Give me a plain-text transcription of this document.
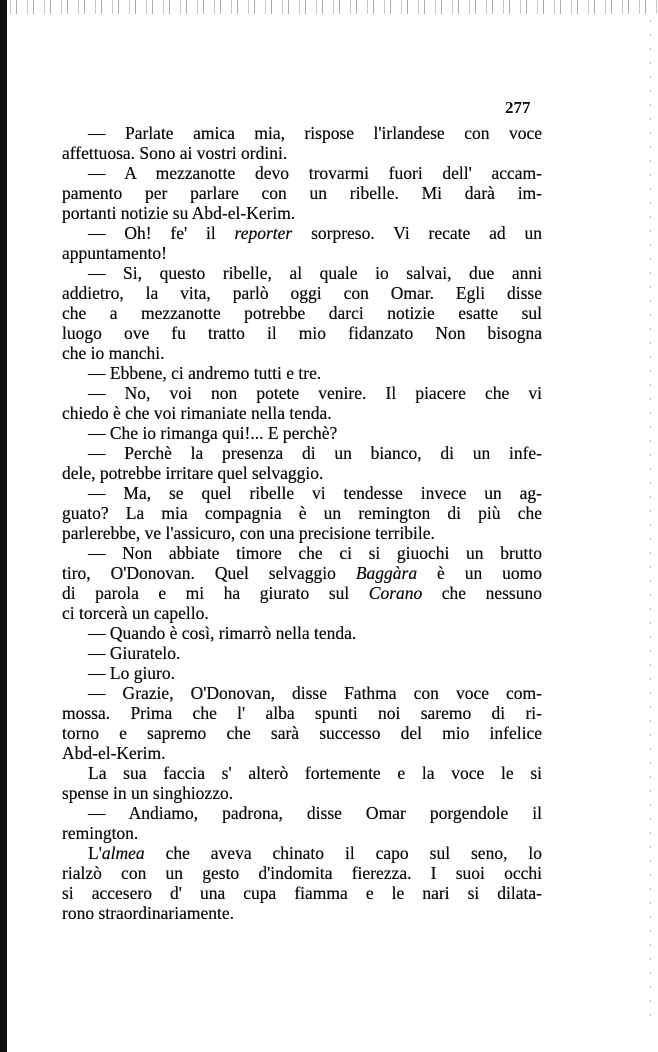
277
— Parlate amica mia, rispose l'irlandese con voce
affettuosa. Sono ai vostri ordini.
— A mezzanotte devo trovarmi fuori dell' accam-
pamento per parlare con un ribelle. Mi darà im-
portanti notizie su Abd-el-Kerim.
— Oh! fe' il reporter sorpreso. Vi recate ad un
appuntamento!
— Si, questo ribelle, al quale io salvai, due anni
addietro, la vita, parlò oggi con Omar. Egli disse
che a mezzanotte potrebbe darci notizie esatte sul
luogo ove fu tratto il mio fidanzato Non bisogna
che io manchi.
— Ebbene, ci andremo tutti e tre.
— No, voi non potete venire. Il piacere che vi
chiedo è che voi rimaniate nella tenda.
— Che io rimanga qui!... E perchè?
— Perchè la presenza di un bianco, di un infe-
dele, potrebbe irritare quel selvaggio.
— Ma, se quel ribelle vi tendesse invece un ag-
guato? La mia compagnia è un remington di più che
parlerebbe, ve l'assicuro, con una precisione terribile.
— Non abbiate timore che ci si giuochi un brutto
tiro, O'Donovan. Quel selvaggio Baggàra è un uomo
di parola e mi ha giurato sul Corano che nessuno
ci torcerà un capello.
— Quando è così, rimarrò nella tenda.
— Giuratelo.
— Lo giuro.
— Grazie, O'Donovan, disse Fathma con voce com-
mossa. Prima che l' alba spunti noi saremo di ri-
torno e sapremo che sarà successo del mio infelice
Abd-el-Kerim.
La sua faccia s' alterò fortemente e la voce le si
spense in un singhiozzo.
— Andiamo, padrona, disse Omar porgendole il
remington.
L'almea che aveva chinato il capo sul seno, lo
rialzò con un gesto d'indomita fierezza. I suoi occhi
si accesero d' una cupa fiamma e le nari si dilata-
rono straordinariamente.
